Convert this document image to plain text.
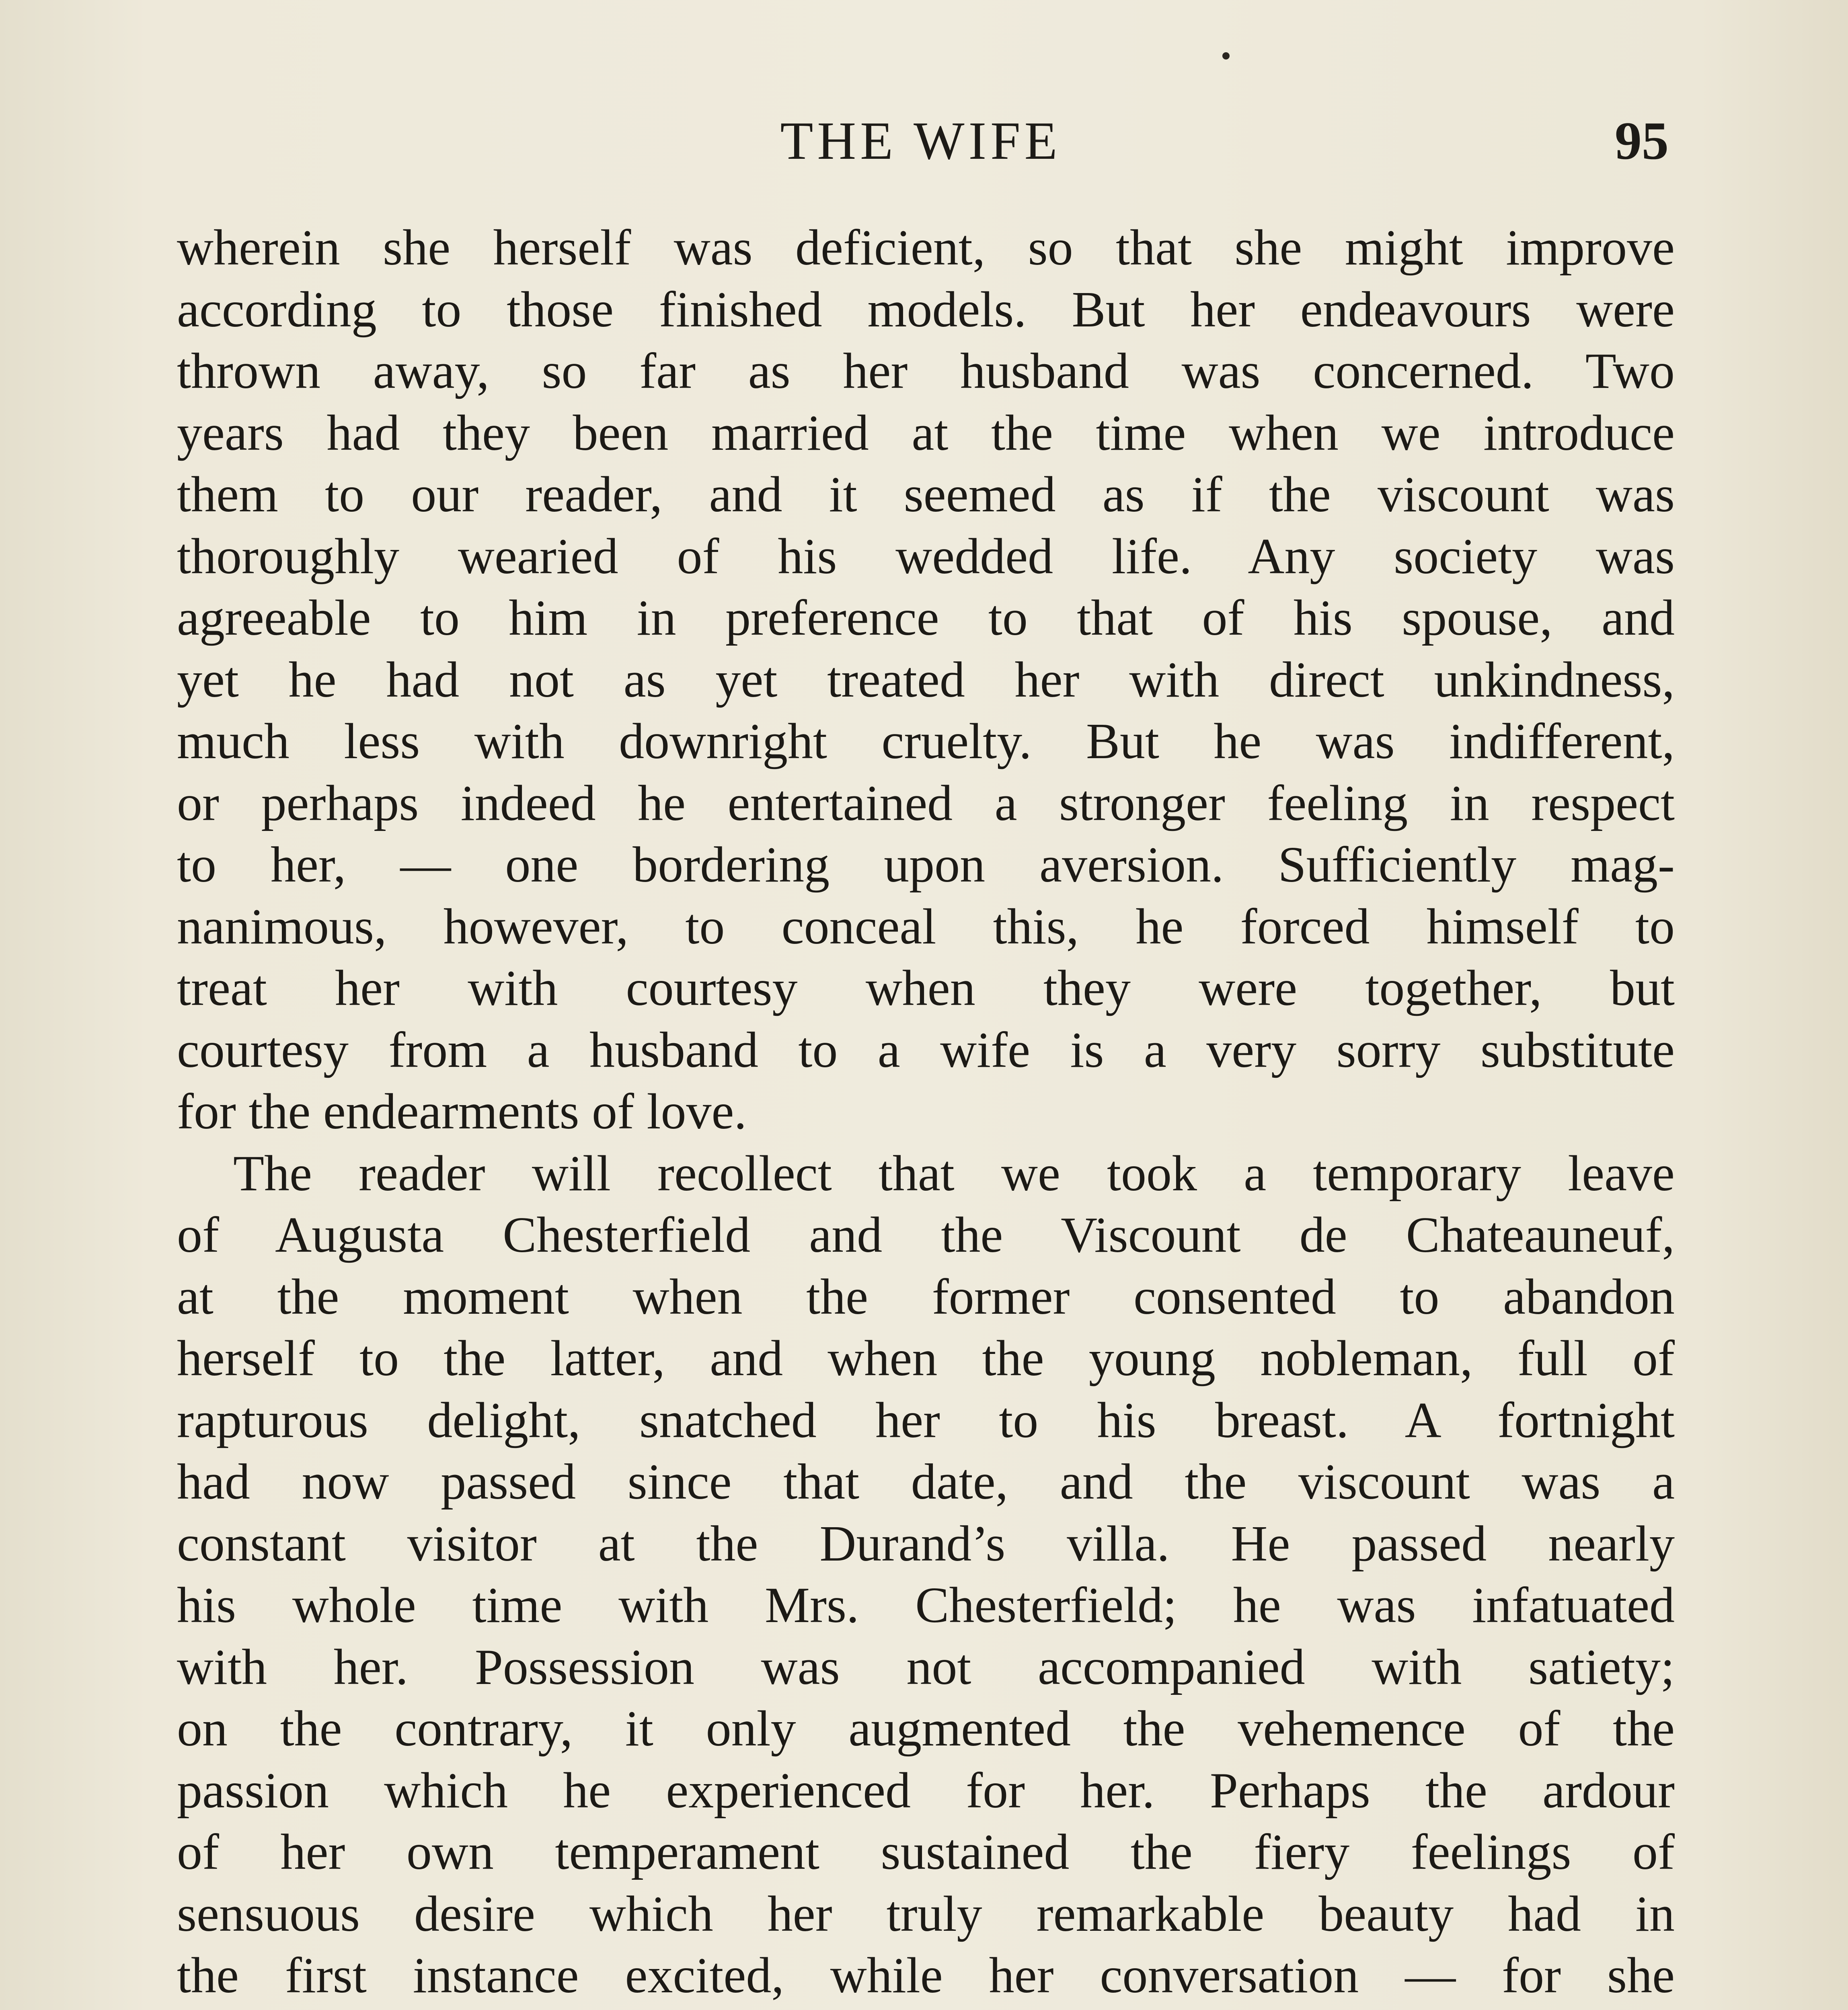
THE WIFE	95
wherein she herself was deficient, so that she might improve
according to those finished models. But her endeavours were
thrown away, so far as her husband was concerned. Two
years had they been married at the time when we introduce
them to our reader, and it seemed as if the viscount was
thoroughly wearied of his wedded life. Any society was
agreeable to him in preference to that of his spouse, and
yet he had not as yet treated her with direct unkindness,
much less with downright cruelty. But he was indifferent,
or perhaps indeed he entertained a stronger feeling in respect
to her, — one bordering upon aversion. Sufficiently mag-
nanimous, however, to conceal this, he forced himself to
treat her with courtesy when they were together, but
courtesy from a husband to a wife is a very sorry substitute
for the endearments of love.
The reader will recollect that we took a temporary leave
of Augusta Chesterfield and the Viscount de Chateauneuf,
at the moment when the former consented to abandon
herself to the latter, and when the young nobleman, full of
rapturous delight, snatched her to his breast. A fortnight
had now passed since that date, and the viscount was a
constant visitor at the Durand’s villa. He passed nearly
his whole time with Mrs. Chesterfield; he was infatuated
with her. Possession was not accompanied with satiety;
on the contrary, it only augmented the vehemence of the
passion which he experienced for her. Perhaps the ardour
of her own temperament sustained the fiery feelings of
sensuous desire which her truly remarkable beauty had in
the first instance excited, while her conversation — for she
